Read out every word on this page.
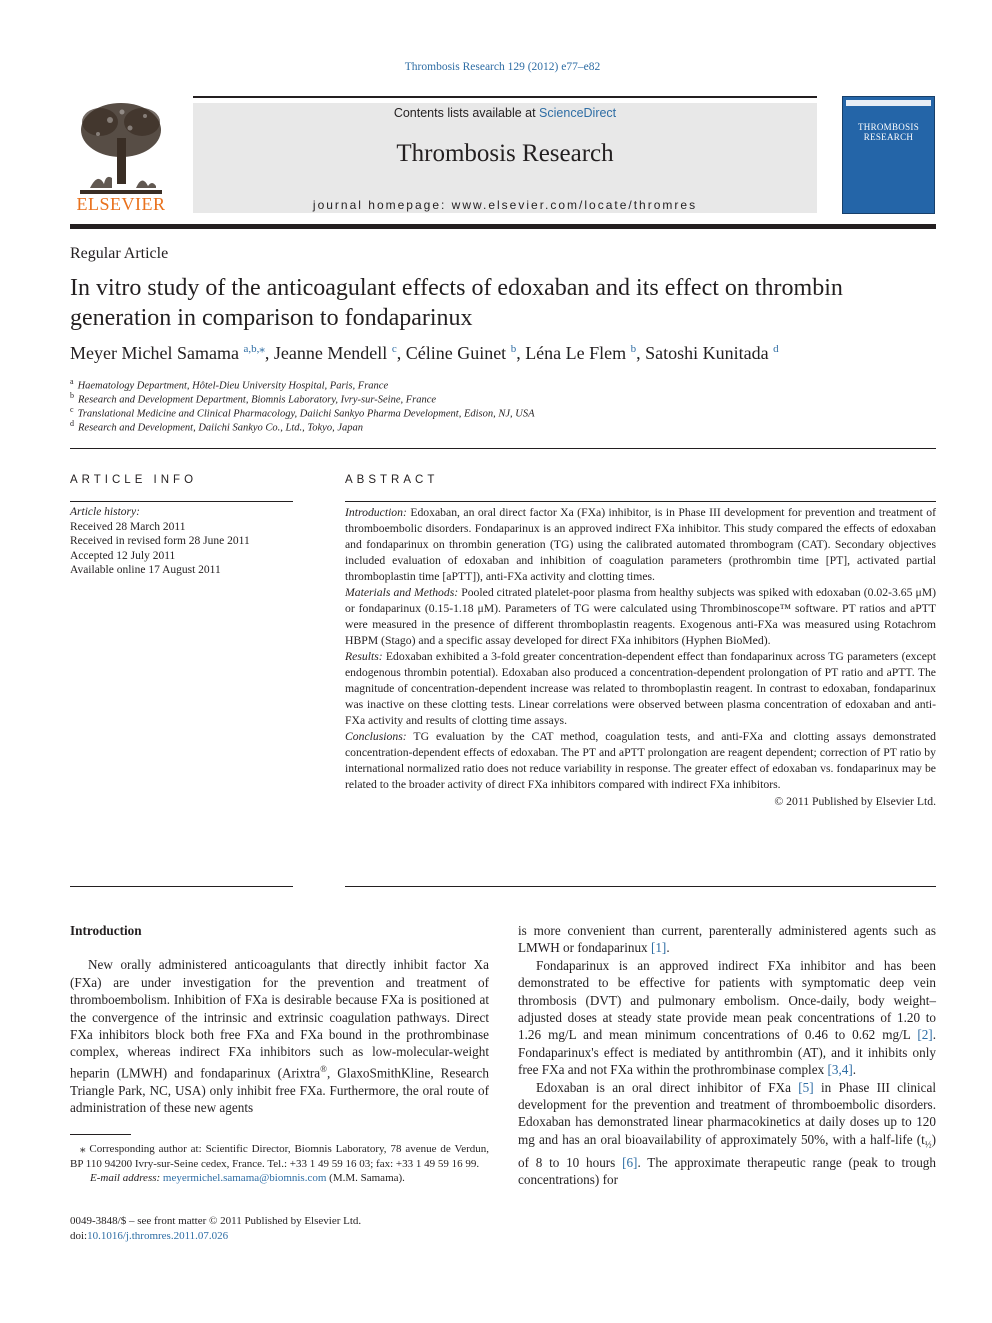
Thrombosis Research 129 (2012) e77–e82
ELSEVIER
Contents lists available at ScienceDirect
Thrombosis Research
journal homepage: www.elsevier.com/locate/thromres
THROMBOSIS RESEARCH
Regular Article
In vitro study of the anticoagulant effects of edoxaban and its effect on thrombin generation in comparison to fondaparinux
Meyer Michel Samama $^{a,b,⁎}$, Jeanne Mendell $^c$, Céline Guinet $^b$, Léna Le Flem $^b$, Satoshi Kunitada $^d$
$^a$ Haematology Department, Hôtel-Dieu University Hospital, Paris, France
$^b$ Research and Development Department, Biomnis Laboratory, Ivry-sur-Seine, France
$^c$ Translational Medicine and Clinical Pharmacology, Daiichi Sankyo Pharma Development, Edison, NJ, USA
$^d$ Research and Development, Daiichi Sankyo Co., Ltd., Tokyo, Japan
ARTICLE INFO	ABSTRACT
Article history:
Received 28 March 2011
Received in revised form 28 June 2011
Accepted 12 July 2011
Available online 17 August 2011

Introduction: Edoxaban, an oral direct factor Xa (FXa) inhibitor, is in Phase III development for prevention and treatment of thromboembolic disorders. Fondaparinux is an approved indirect FXa inhibitor. This study compared the effects of edoxaban and fondaparinux on thrombin generation (TG) using the calibrated automated thrombogram (CAT). Secondary objectives included evaluation of edoxaban and inhibition of coagulation parameters (prothrombin time [PT], activated partial thromboplastin time [aPTT]), anti-FXa activity and clotting times.

Materials and Methods: Pooled citrated platelet-poor plasma from healthy subjects was spiked with edoxaban (0.02-3.65 μM) or fondaparinux (0.15-1.18 μM). Parameters of TG were calculated using Thrombinoscope™ software. PT ratios and aPTT were measured in the presence of different thromboplastin reagents. Exogenous anti-FXa was measured using Rotachrom HBPM (Stago) and a specific assay developed for direct FXa inhibitors (Hyphen BioMed).

Results: Edoxaban exhibited a 3-fold greater concentration-dependent effect than fondaparinux across TG parameters (except endogenous thrombin potential). Edoxaban also produced a concentration-dependent prolongation of PT ratio and aPTT. The magnitude of concentration-dependent increase was related to thromboplastin reagent. In contrast to edoxaban, fondaparinux was inactive on these clotting tests. Linear correlations were observed between plasma concentration of edoxaban and anti-FXa activity and results of clotting time assays.

Conclusions: TG evaluation by the CAT method, coagulation tests, and anti-FXa and clotting assays demonstrated concentration-dependent effects of edoxaban. The PT and aPTT prolongation are reagent dependent; correction of PT ratio by international normalized ratio does not reduce variability in response. The greater effect of edoxaban vs. fondaparinux may be related to the broader activity of direct FXa inhibitors compared with indirect FXa inhibitors.

© 2011 Published by Elsevier Ltd.

Introduction

New orally administered anticoagulants that directly inhibit factor Xa (FXa) are under investigation for the prevention and treatment of thromboembolism. Inhibition of FXa is desirable because FXa is positioned at the convergence of the intrinsic and extrinsic coagulation pathways. Direct FXa inhibitors block both free FXa and FXa bound in the prothrombinase complex, whereas indirect FXa inhibitors such as low-molecular-weight heparin (LMWH) and fondaparinux (Arixtra®, GlaxoSmithKline, Research Triangle Park, NC, USA) only inhibit free FXa. Furthermore, the oral route of administration of these new agents

is more convenient than current, parenterally administered agents such as LMWH or fondaparinux [1].

Fondaparinux is an approved indirect FXa inhibitor and has been demonstrated to be effective for patients with symptomatic deep vein thrombosis (DVT) and pulmonary embolism. Once-daily, body weight–adjusted doses at steady state provide mean peak concentrations of 1.20 to 1.26 mg/L and mean minimum concentrations of 0.46 to 0.62 mg/L [2]. Fondaparinux's effect is mediated by antithrombin (AT), and it inhibits only free FXa and not FXa within the prothrombinase complex [3,4].

Edoxaban is an oral direct inhibitor of FXa [5] in Phase III clinical development for the prevention and treatment of thromboembolic disorders. Edoxaban has demonstrated linear pharmacokinetics at daily doses up to 120 mg and has an oral bioavailability of approximately 50%, with a half-life $(t_{\frac{1}{2}})$ of 8 to 10 hours [6]. The approximate therapeutic range (peak to trough concentrations) for

⁎ Corresponding author at: Scientific Director, Biomnis Laboratory, 78 avenue de Verdun, BP 110 94200 Ivry-sur-Seine cedex, France. Tel.: +33 1 49 59 16 03; fax: +33 1 49 59 16 99.

E-mail address: meyermichel.samama@biomnis.com (M.M. Samama).

0049-3848/$ – see front matter © 2011 Published by Elsevier Ltd.
doi:10.1016/j.thromres.2011.07.026
